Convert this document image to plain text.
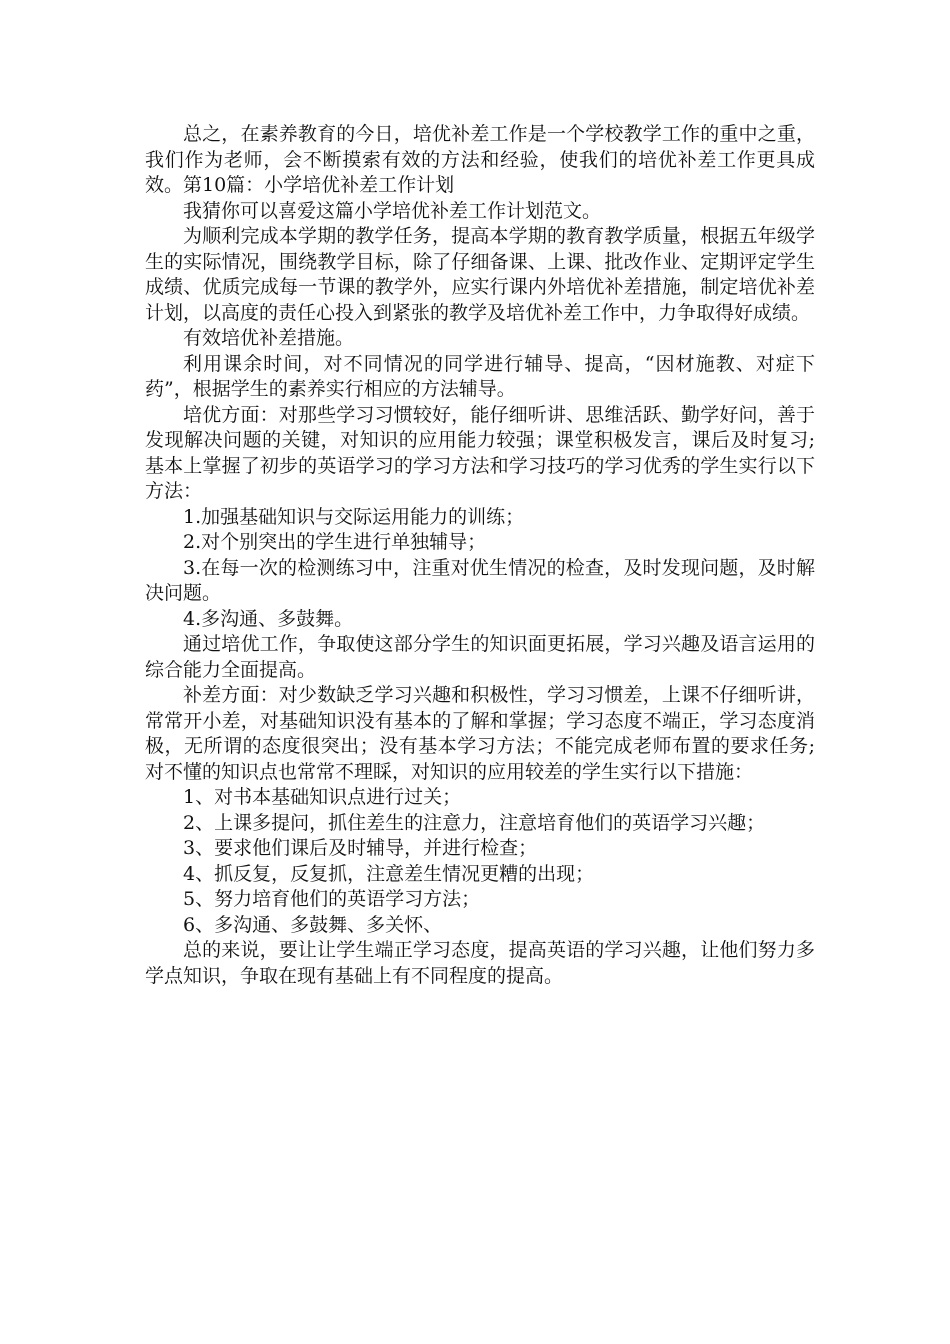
总之，在素养教育的今日，培优补差工作是一个学校教学工作的重中之重，我们作为老师，会不断摸索有效的方法和经验，使我们的培优补差工作更具成效。第10篇：小学培优补差工作计划

我猜你可以喜爱这篇小学培优补差工作计划范文。

为顺利完成本学期的教学任务，提高本学期的教育教学质量，根据五年级学生的实际情况，围绕教学目标，除了仔细备课、上课、批改作业、定期评定学生成绩、优质完成每一节课的教学外，应实行课内外培优补差措施，制定培优补差计划，以高度的责任心投入到紧张的教学及培优补差工作中，力争取得好成绩。

有效培优补差措施。

利用课余时间，对不同情况的同学进行辅导、提高，“因材施教、对症下药”，根据学生的素养实行相应的方法辅导。

培优方面：对那些学习习惯较好，能仔细听讲、思维活跃、勤学好问，善于发现解决问题的关键，对知识的应用能力较强；课堂积极发言，课后及时复习;基本上掌握了初步的英语学习的学习方法和学习技巧的学习优秀的学生实行以下方法：

1.加强基础知识与交际运用能力的训练；

2.对个别突出的学生进行单独辅导；

3.在每一次的检测练习中，注重对优生情况的检查，及时发现问题，及时解决问题。

4.多沟通、多鼓舞。

通过培优工作，争取使这部分学生的知识面更拓展，学习兴趣及语言运用的综合能力全面提高。

补差方面：对少数缺乏学习兴趣和积极性，学习习惯差，上课不仔细听讲，常常开小差，对基础知识没有基本的了解和掌握；学习态度不端正，学习态度消极，无所谓的态度很突出；没有基本学习方法；不能完成老师布置的要求任务; 对不懂的知识点也常常不理睬，对知识的应用较差的学生实行以下措施：

1、对书本基础知识点进行过关；

2、上课多提问，抓住差生的注意力，注意培育他们的英语学习兴趣；

3、要求他们课后及时辅导，并进行检查；

4、抓反复，反复抓，注意差生情况更糟的出现；

5、努力培育他们的英语学习方法；

6、多沟通、多鼓舞、多关怀、

总的来说，要让让学生端正学习态度，提高英语的学习兴趣，让他们努力多学点知识，争取在现有基础上有不同程度的提高。
